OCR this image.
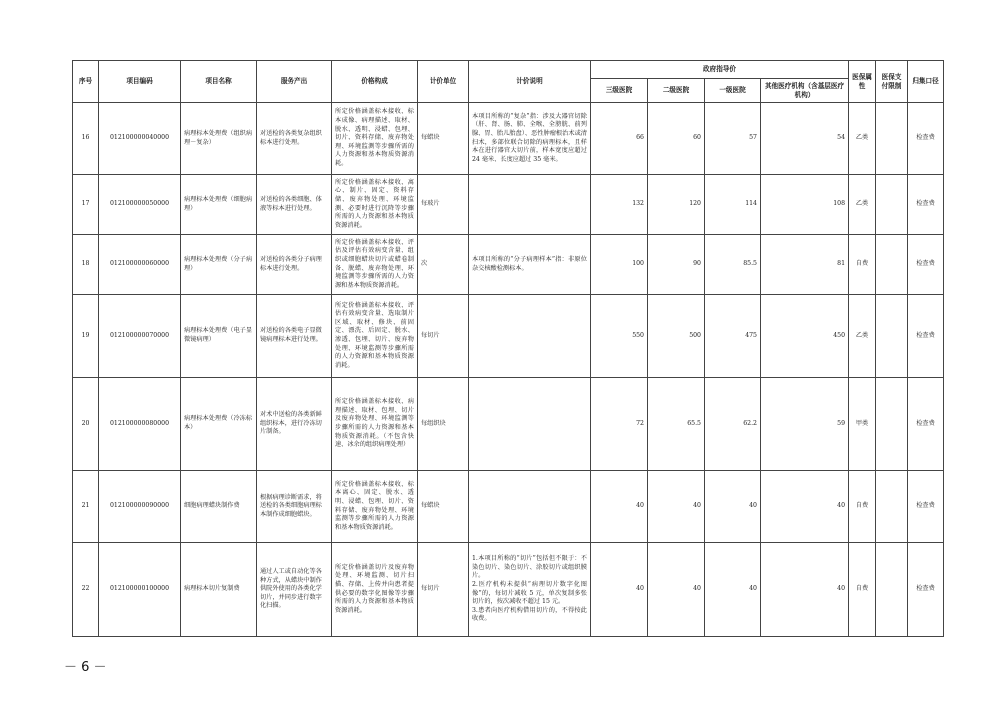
序号	项目编码	项目名称	服务产出	价格构成	计价单位	计价说明	政府指导价				医保属性	医保支付限制	归集口径
							三级医院	二级医院	一级医院	其他医疗机构（含基层医疗机构）			
16	012100000040000	病理标本处理费（组织病理－复杂）	对送检的各类复杂组织标本进行处理。	所定价格涵盖标本接收、标本成像、病理描述、取材、脱水、透明、浸蜡、包埋、切片、资料存储、废弃物处理、环境监测等步骤所需的人力资源和基本物质资源消耗。	每蜡块	本项目所称的“复杂”指：涉及大器官切除（肝、肾、肠、肺、全喉、全膀胱、前列腺、胃、胎儿胎盘）、恶性肿瘤根治术或清扫术，多部位联合切除的病理标本，且样本在进行器官大切片前，样本宽度应超过 24 毫米、长度应超过 35 毫米。	66	60	57	54	乙类		检查费
17	012100000050000	病理标本处理费（细胞病理）	对送检的各类细胞、体液等标本进行处理。	所定价格涵盖标本接收、离心、制片、固定、资料存储、废弃物处理、环境监测、必要时进行沉降等步骤所需的人力资源和基本物质资源消耗。	每玻片		132	120	114	108	乙类		检查费
18	012100000060000	病理标本处理费（分子病理）	对送检的各类分子病理标本进行处理。	所定价格涵盖标本接收、评估及评估有效病变含量、组织或细胞蜡块切片或蜡卷制备、脱蜡、废弃物处理、环境监测等步骤所需的人力资源和基本物质资源消耗。	次	本项目所称的“分子病理样本”指：非原位杂交核酸检测标本。	100	90	85.5	81	自费		检查费
19	012100000070000	病理标本处理费（电子显微镜病理）	对送检的各类电子显微镜病理标本进行处理。	所定价格涵盖标本接收、评估有效病变含量、选取制片区域、取材、修块、前固定、漂洗、后固定、脱水、渗透、包埋、切片、废弃物处理、环境监测等步骤所需的人力资源和基本物质资源消耗。	每切片		550	500	475	450	乙类		检查费
20	012100000080000	病理标本处理费（冷冻标本）	对术中送检的各类新鲜组织标本，进行冷冻切片制备。	所定价格涵盖标本接收、病理描述、取材、包埋、切片及废弃物处理、环境监测等步骤所需的人力资源和基本物质资源消耗。（不包含快速、冰余的组织病理处理）	每组织块		72	65.5	62.2	59	甲类		检查费
21	012100000090000	细胞病理蜡块制作费	根据病理诊断需求，将送检的各类细胞病理标本制作成细胞蜡块。	所定价格涵盖标本接收、标本离心、固定、脱水、透明、浸蜡、包埋、切片、资料存储、废弃物处理、环境监测等步骤所需的人力资源和基本物质资源消耗。	每蜡块		40	40	40	40	自费		检查费
22	012100000100000	病理标本切片复制费	通过人工或自动化等各种方式，从蜡块中制作供院外使用的各类化学切片，并同步进行数字化扫描。	所定价格涵盖切片及废弃物处理、环境监测、切片扫描、存储、上传并向患者提供必要的数字化图像等步骤所需的人力资源和基本物质资源消耗。	每切片	1.本项目所称的“切片”包括但不限于：不染色切片、染色切片、涂胶切片或组织膜片。
2.医疗机构未提供“病理切片数字化图像”的，每切片减收 5 元，单次复制多张切片的，按次减收不超过 15 元。
3.患者向医疗机构借用切片的，不得按此收费。	40	40	40	40	自费		检查费
－ 6 －
